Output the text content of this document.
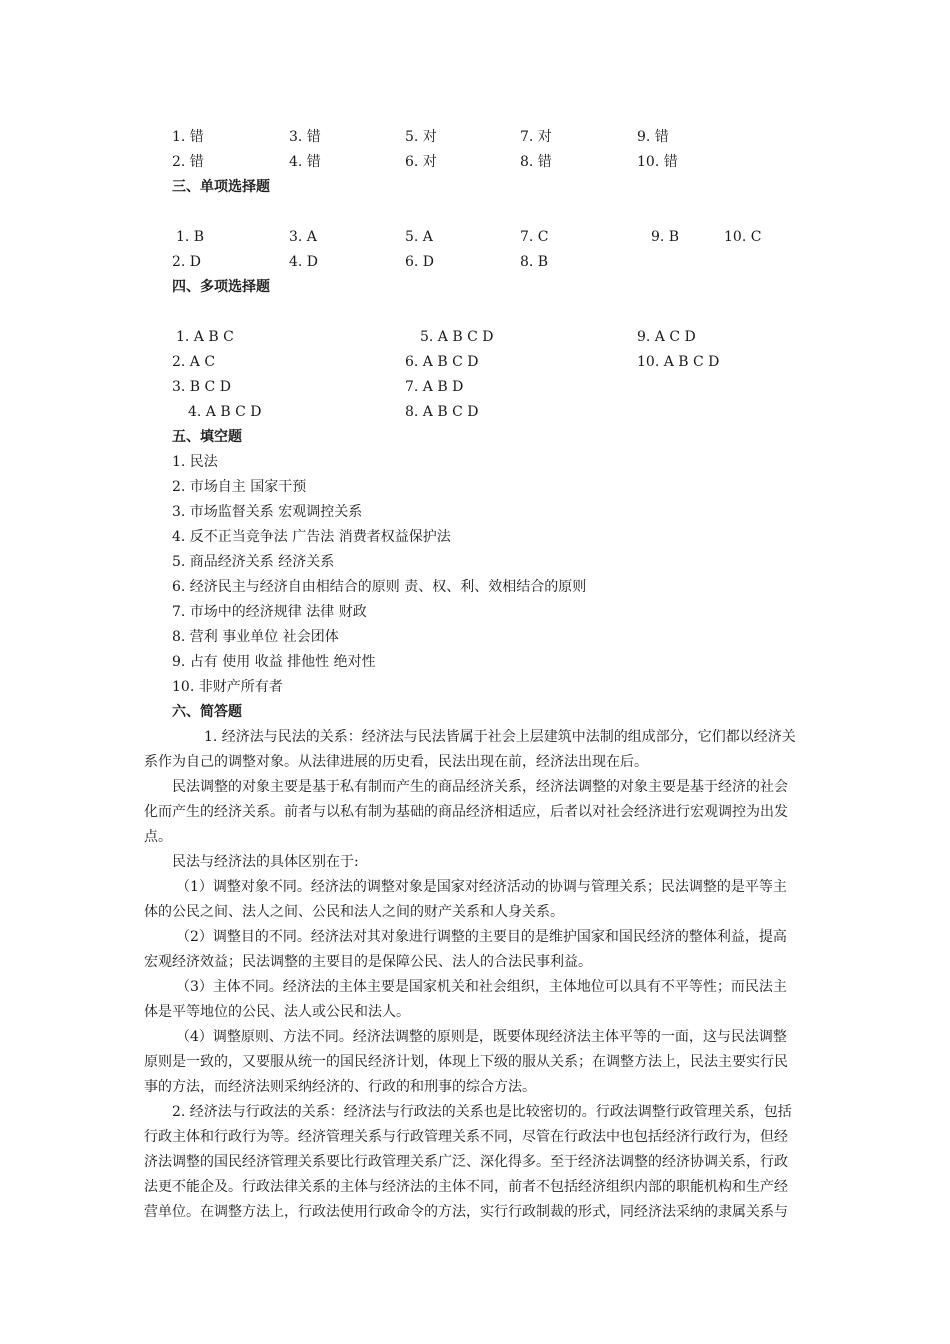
1. 错	3. 错	5. 对	7. 对	9. 错
2. 错	4. 错	6. 对	8. 错	10. 错
三、单项选择题
1. B	3. A	5. A	7. C	9. B	10. C
2. D	4. D	6. D	8. B
四、多项选择题
1. A B C	5. A B C D	9. A C D
2. A C	6. A B C D	10. A B C D
3. B C D	7. A B D
4. A B C D	8. A B C D
五、填空题
1. 民法
2. 市场自主 国家干预
3. 市场监督关系 宏观调控关系
4. 反不正当竞争法 广告法 消费者权益保护法
5. 商品经济关系 经济关系
6. 经济民主与经济自由相结合的原则 责、权、利、效相结合的原则
7. 市场中的经济规律 法律 财政
8. 营利 事业单位 社会团体
9. 占有 使用 收益 排他性 绝对性
10. 非财产所有者
六、简答题
1. 经济法与民法的关系：经济法与民法皆属于社会上层建筑中法制的组成部分，它们都以经济关
系作为自己的调整对象。从法律进展的历史看，民法出现在前，经济法出现在后。
民法调整的对象主要是基于私有制而产生的商品经济关系，经济法调整的对象主要是基于经济的社会
化而产生的经济关系。前者与以私有制为基础的商品经济相适应，后者以对社会经济进行宏观调控为出发
点。
民法与经济法的具体区别在于:
（1）调整对象不同。经济法的调整对象是国家对经济活动的协调与管理关系；民法调整的是平等主
体的公民之间、法人之间、公民和法人之间的财产关系和人身关系。
（2）调整目的不同。经济法对其对象进行调整的主要目的是维护国家和国民经济的整体利益，提高
宏观经济效益；民法调整的主要目的是保障公民、法人的合法民事利益。
（3）主体不同。经济法的主体主要是国家机关和社会组织，主体地位可以具有不平等性；而民法主
体是平等地位的公民、法人或公民和法人。
（4）调整原则、方法不同。经济法调整的原则是，既要体现经济法主体平等的一面，这与民法调整
原则是一致的，又要服从统一的国民经济计划，体现上下级的服从关系；在调整方法上，民法主要实行民
事的方法，而经济法则采纳经济的、行政的和刑事的综合方法。
2. 经济法与行政法的关系：经济法与行政法的关系也是比较密切的。行政法调整行政管理关系，包括
行政主体和行政行为等。经济管理关系与行政管理关系不同，尽管在行政法中也包括经济行政行为，但经
济法调整的国民经济管理关系要比行政管理关系广泛、深化得多。至于经济法调整的经济协调关系，行政
法更不能企及。行政法律关系的主体与经济法的主体不同，前者不包括经济组织内部的职能机构和生产经
营单位。在调整方法上，行政法使用行政命令的方法，实行行政制裁的形式，同经济法采纳的隶属关系与
